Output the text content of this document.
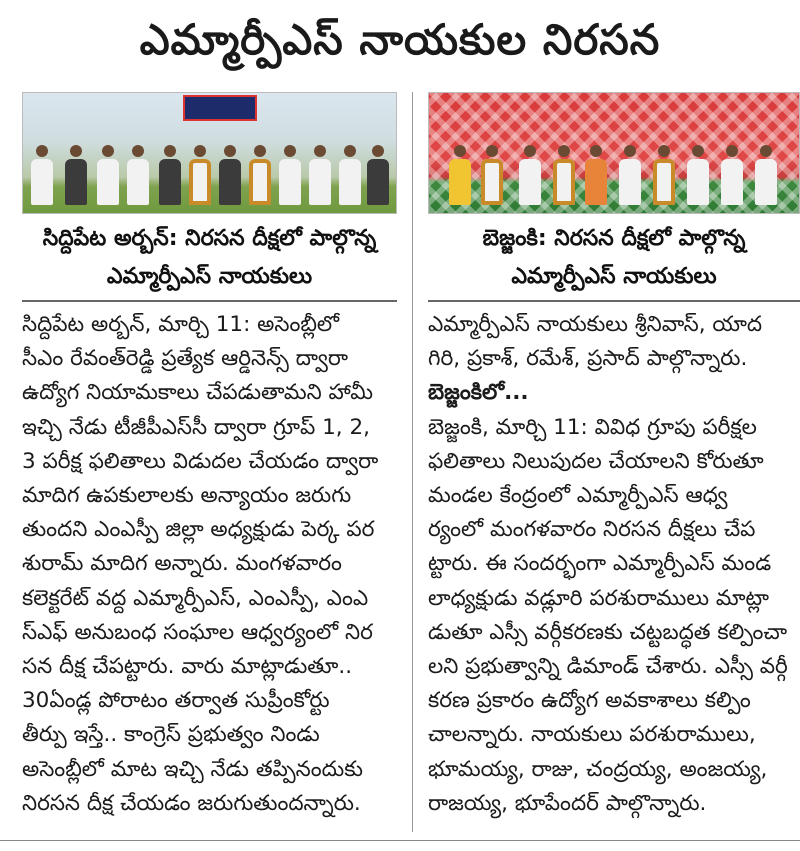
ఎమ్మార్పీఎస్ నాయకుల నిరసన
సిద్దిపేట అర్బన్: నిరసన దీక్షలో పాల్గొన్న
ఎమ్మార్పీఎస్ నాయకులు
సిద్దిపేట అర్బన్, మార్చి 11: అసెంబ్లీలో
సీఎం రేవంత్‌రెడ్డి ప్రత్యేక ఆర్డినెన్స్ ద్వారా
ఉద్యోగ నియామకాలు చేపడుతామని హామీ
ఇచ్చి నేడు టీజీపీఎస్‌సీ ద్వారా గ్రూప్ 1, 2,
3 పరీక్ష ఫలితాలు విడుదల చేయడం ద్వారా
మాదిగ ఉపకులాలకు అన్యాయం జరుగు
తుందని ఎంఎస్పీ జిల్లా అధ్యక్షుడు పెర్క పర
శురామ్ మాదిగ అన్నారు. మంగళవారం
కలెక్టరేట్ వద్ద ఎమ్మార్పీఎస్, ఎంఎస్పీ, ఎంఎ
స్ఎఫ్ అనుబంధ సంఘాల ఆధ్వర్యంలో నిర
సన దీక్ష చేపట్టారు. వారు మాట్లాడుతూ..
30ఏండ్ల పోరాటం తర్వాత సుప్రీంకోర్టు
తీర్పు ఇస్తే.. కాంగ్రెస్ ప్రభుత్వం నిండు
అసెంబ్లీలో మాట ఇచ్చి నేడు తప్పినందుకు
నిరసన దీక్ష చేయడం జరుగుతుందన్నారు.
బెజ్జంకి: నిరసన దీక్షలో పాల్గొన్న
ఎమ్మార్పీఎస్ నాయకులు
ఎమ్మార్పీఎస్ నాయకులు శ్రీనివాస్, యాద
గిరి, ప్రకాశ్, రమేశ్, ప్రసాద్ పాల్గొన్నారు.
బెజ్జంకిలో...
బెజ్జంకి, మార్చి 11: వివిధ గ్రూపు పరీక్షల
ఫలితాలు నిలుపుదల చేయాలని కోరుతూ
మండల కేంద్రంలో ఎమ్మార్పీఎస్ ఆధ్వ
ర్యంలో మంగళవారం నిరసన దీక్షలు చేప
ట్టారు. ఈ సందర్భంగా ఎమ్మార్పీఎస్ మండ
లాధ్యక్షుడు వడ్లూరి పరశురాములు మాట్లా
డుతూ ఎస్సీ వర్గీకరణకు చట్టబద్ధత కల్పించా
లని ప్రభుత్వాన్ని డిమాండ్ చేశారు. ఎస్సీ వర్గీ
కరణ ప్రకారం ఉద్యోగ అవకాశాలు కల్పిం
చాలన్నారు. నాయకులు పరశురాములు,
భూమయ్య, రాజు, చంద్రయ్య, అంజయ్య,
రాజయ్య, భూపేందర్ పాల్గొన్నారు.
